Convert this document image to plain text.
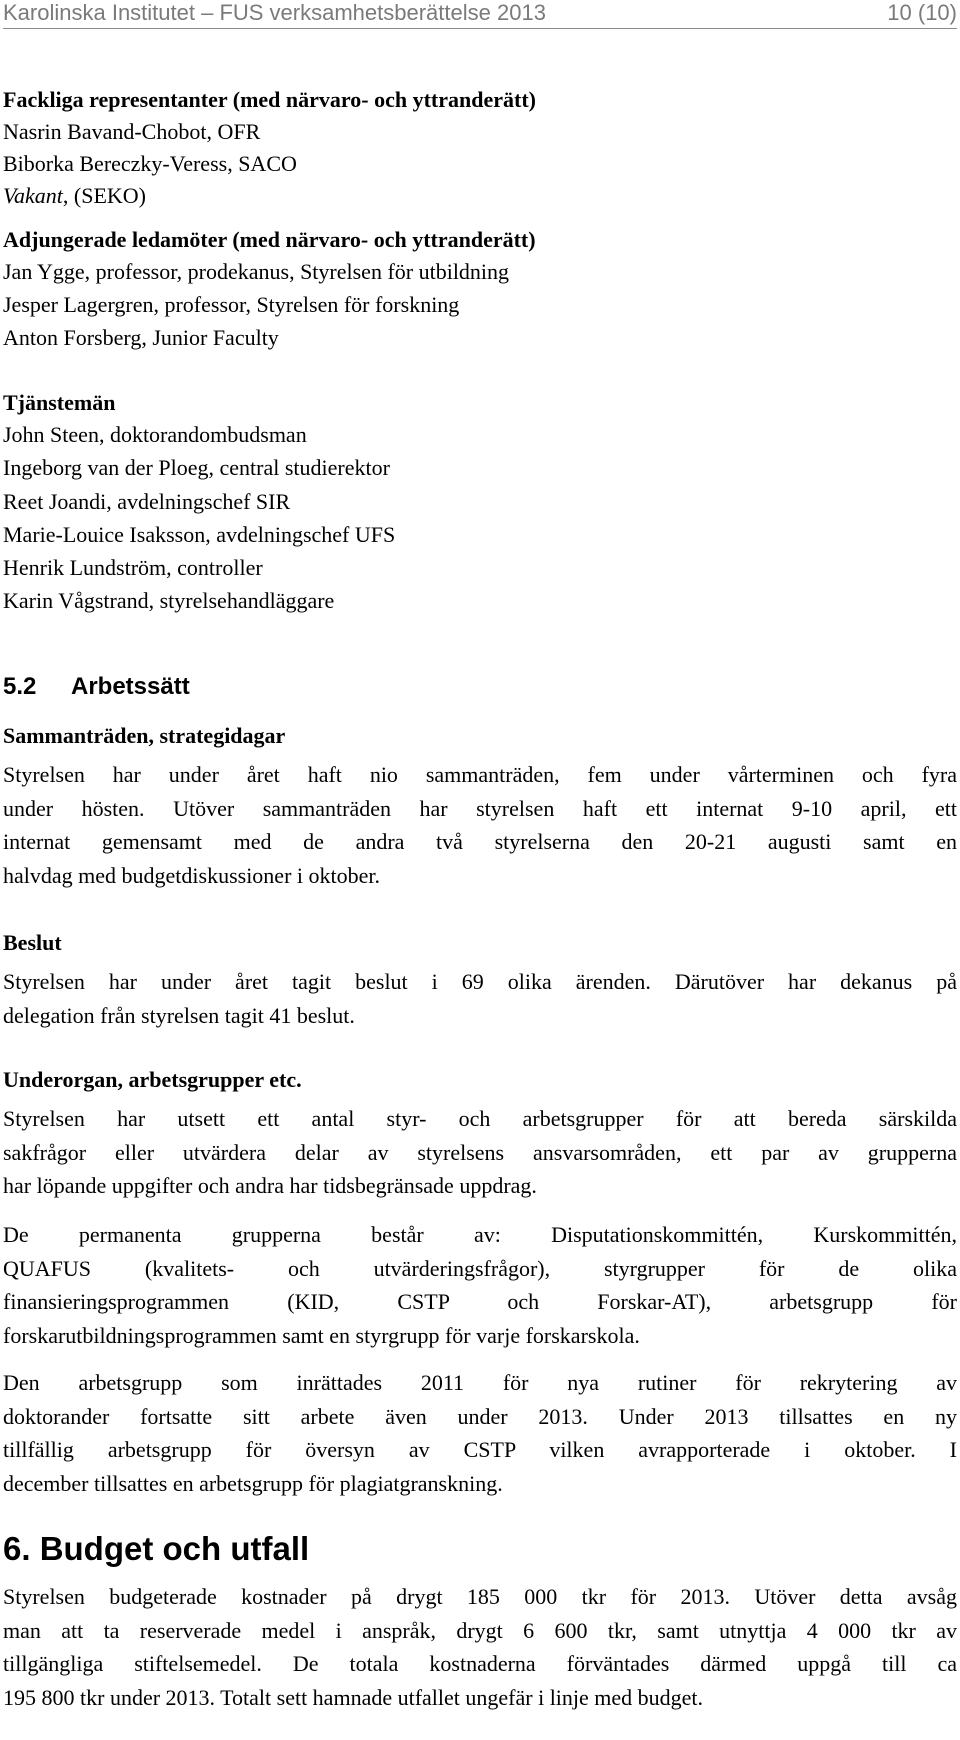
Karolinska Institutet – FUS verksamhetsberättelse 2013	10 (10)
Fackliga representanter (med närvaro- och yttranderätt)
Nasrin Bavand-Chobot, OFR
Biborka Bereczky-Veress, SACO
Vakant, (SEKO)
Adjungerade ledamöter (med närvaro- och yttranderätt)
Jan Ygge, professor, prodekanus, Styrelsen för utbildning
Jesper Lagergren, professor, Styrelsen för forskning
Anton Forsberg, Junior Faculty
Tjänstemän
John Steen, doktorandombudsman
Ingeborg van der Ploeg, central studierektor
Reet Joandi, avdelningschef SIR
Marie-Louice Isaksson, avdelningschef UFS
Henrik Lundström, controller
Karin Vågstrand, styrelsehandläggare
5.2 Arbetssätt
Sammanträden, strategidagar
Styrelsen har under året haft nio sammanträden, fem under vårterminen och fyra
under hösten. Utöver sammanträden har styrelsen haft ett internat 9-10 april, ett
internat gemensamt med de andra två styrelserna den 20-21 augusti samt en
halvdag med budgetdiskussioner i oktober.
Beslut
Styrelsen har under året tagit beslut i 69 olika ärenden. Därutöver har dekanus på
delegation från styrelsen tagit 41 beslut.
Underorgan, arbetsgrupper etc.
Styrelsen har utsett ett antal styr- och arbetsgrupper för att bereda särskilda
sakfrågor eller utvärdera delar av styrelsens ansvarsområden, ett par av grupperna
har löpande uppgifter och andra har tidsbegränsade uppdrag.
De permanenta grupperna består av: Disputationskommittén, Kurskommittén,
QUAFUS (kvalitets- och utvärderingsfrågor), styrgrupper för de olika
finansieringsprogrammen (KID, CSTP och Forskar-AT), arbetsgrupp för
forskarutbildningsprogrammen samt en styrgrupp för varje forskarskola.
Den arbetsgrupp som inrättades 2011 för nya rutiner för rekrytering av
doktorander fortsatte sitt arbete även under 2013. Under 2013 tillsattes en ny
tillfällig arbetsgrupp för översyn av CSTP vilken avrapporterade i oktober. I
december tillsattes en arbetsgrupp för plagiatgranskning.
6. Budget och utfall
Styrelsen budgeterade kostnader på drygt 185 000 tkr för 2013. Utöver detta avsåg
man att ta reserverade medel i anspråk, drygt 6 600 tkr, samt utnyttja 4 000 tkr av
tillgängliga stiftelsemedel. De totala kostnaderna förväntades därmed uppgå till ca
195 800 tkr under 2013. Totalt sett hamnade utfallet ungefär i linje med budget.
